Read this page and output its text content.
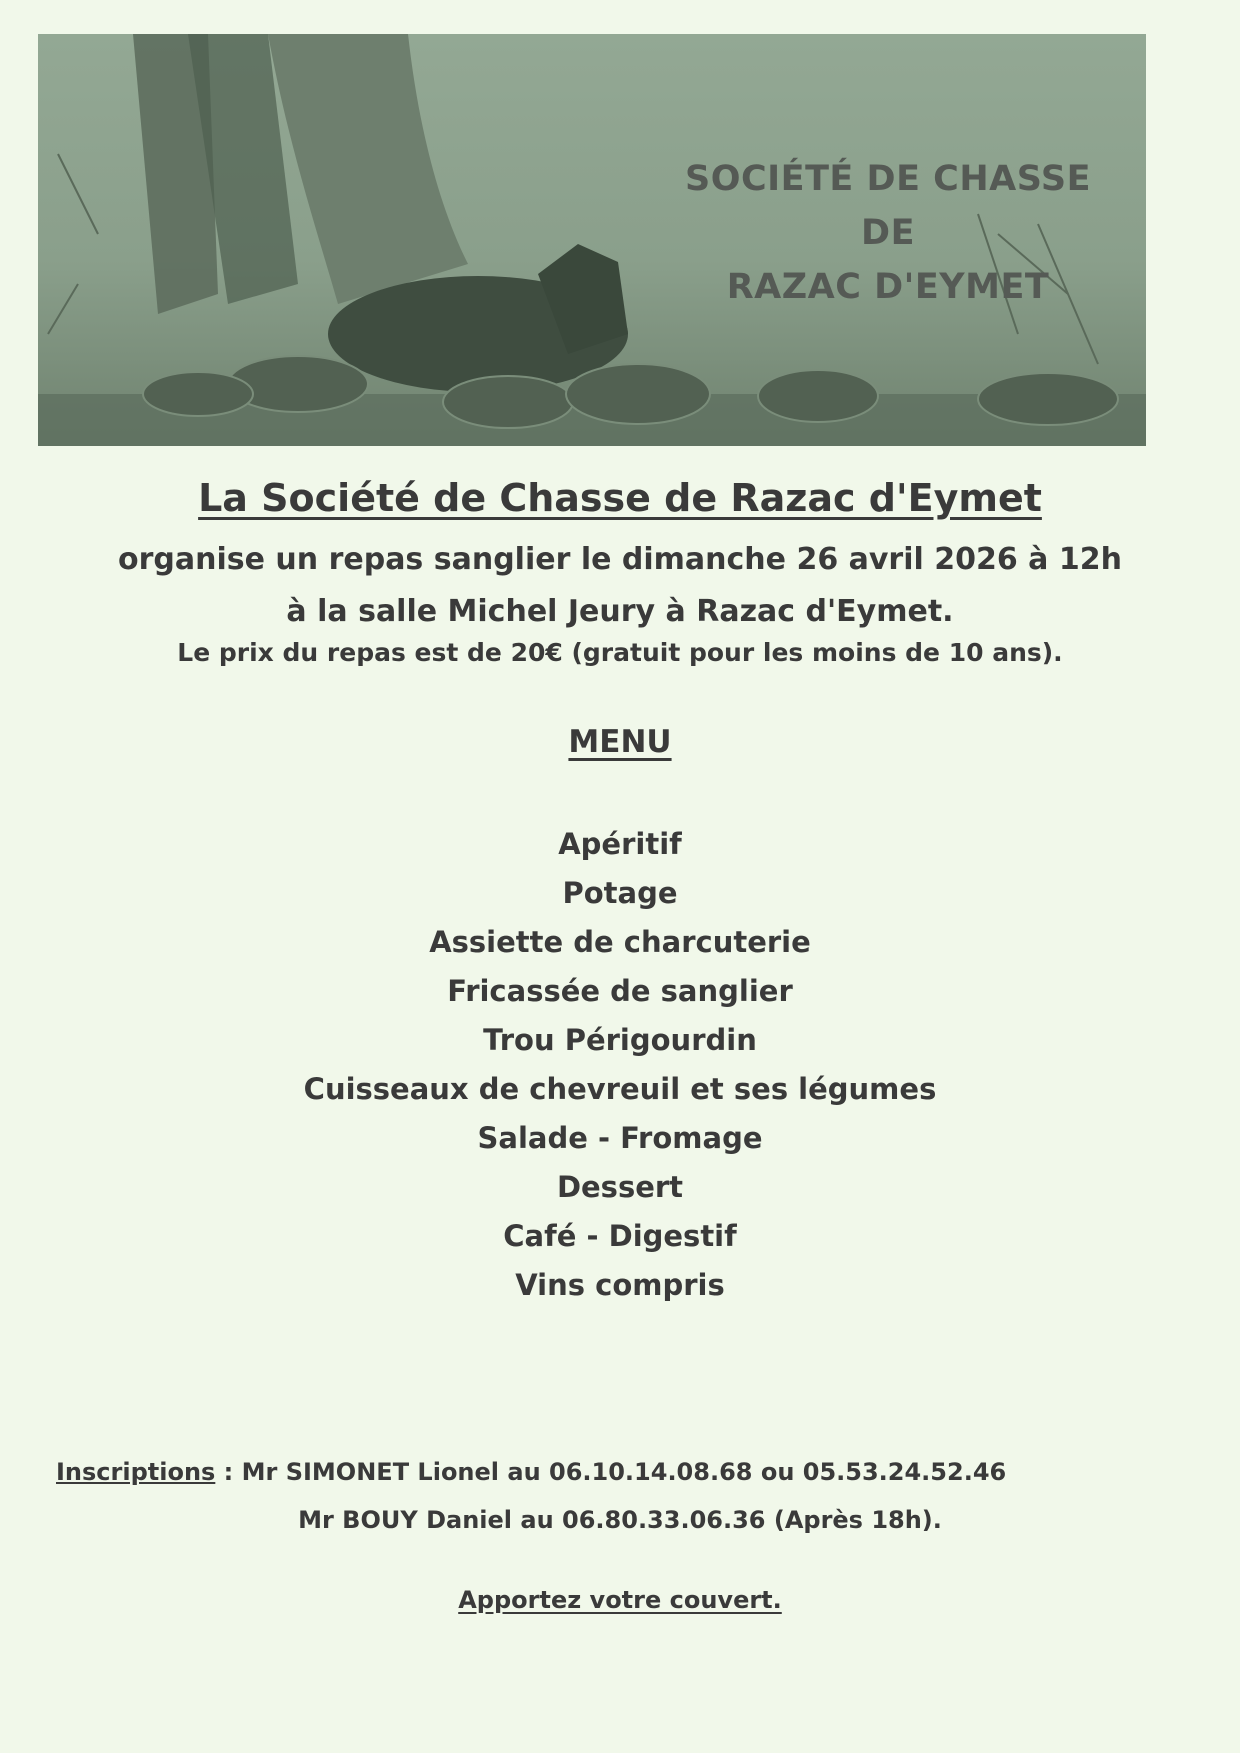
SOCIÉTÉ DE CHASSE
DE
RAZAC D'EYMET
La Société de Chasse de Razac d'Eymet
organise un repas sanglier le dimanche 26 avril 2026 à 12h
à la salle Michel Jeury à Razac d'Eymet.
Le prix du repas est de 20€ (gratuit pour les moins de 10 ans).
MENU
Apéritif
Potage
Assiette de charcuterie
Fricassée de sanglier
Trou Périgourdin
Cuisseaux de chevreuil et ses légumes
Salade - Fromage
Dessert
Café - Digestif
Vins compris
Inscriptions : Mr SIMONET Lionel au 06.10.14.08.68 ou 05.53.24.52.46
Mr BOUY Daniel au 06.80.33.06.36 (Après 18h).
Apportez votre couvert.
